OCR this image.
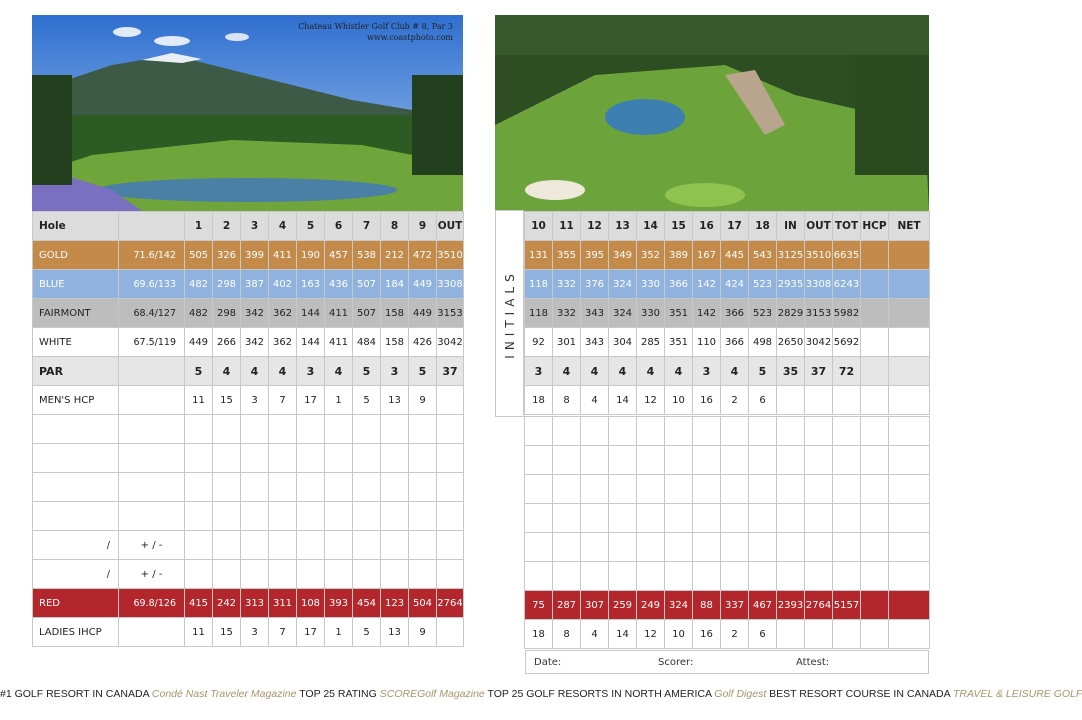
Chateau Whistler Golf Club # 8, Par 3
www.coastphoto.com
Hole		1	2	3	4	5	6	7	8	9	OUT
GOLD	71.6/142	505	326	399	411	190	457	538	212	472	3510
BLUE	69.6/133	482	298	387	402	163	436	507	184	449	3308
FAIRMONT	68.4/127	482	298	342	362	144	411	507	158	449	3153
WHITE	67.5/119	449	266	342	362	144	411	484	158	426	3042
PAR		5	4	4	4	3	4	5	3	5	37
MEN'S HCP		11	15	3	7	17	1	5	13	9	

/	+ / -										
/	+ / -										
RED	69.8/126	415	242	313	311	108	393	454	123	504	2764
LADIES IHCP		11	15	3	7	17	1	5	13	9	
INITIALS
10	11	12	13	14	15	16	17	18	IN	OUT	TOT	HCP	NET
131	355	395	349	352	389	167	445	543	3125	3510	6635		
118	332	376	324	330	366	142	424	523	2935	3308	6243		
118	332	343	324	330	351	142	366	523	2829	3153	5982		
92	301	343	304	285	351	110	366	498	2650	3042	5692		
3	4	4	4	4	4	3	4	5	35	37	72		
18	8	4	14	12	10	16	2	6					

75	287	307	259	249	324	88	337	467	2393	2764	5157		
18	8	4	14	12	10	16	2	6					
Date:	Scorer:	Attest:
#1 GOLF RESORT IN CANADA Condé Nast Traveler Magazine TOP 25 RATING SCOREGolf Magazine TOP 25 GOLF RESORTS IN NORTH AMERICA Golf Digest BEST RESORT COURSE IN CANADA TRAVEL & LEISURE GOLF
